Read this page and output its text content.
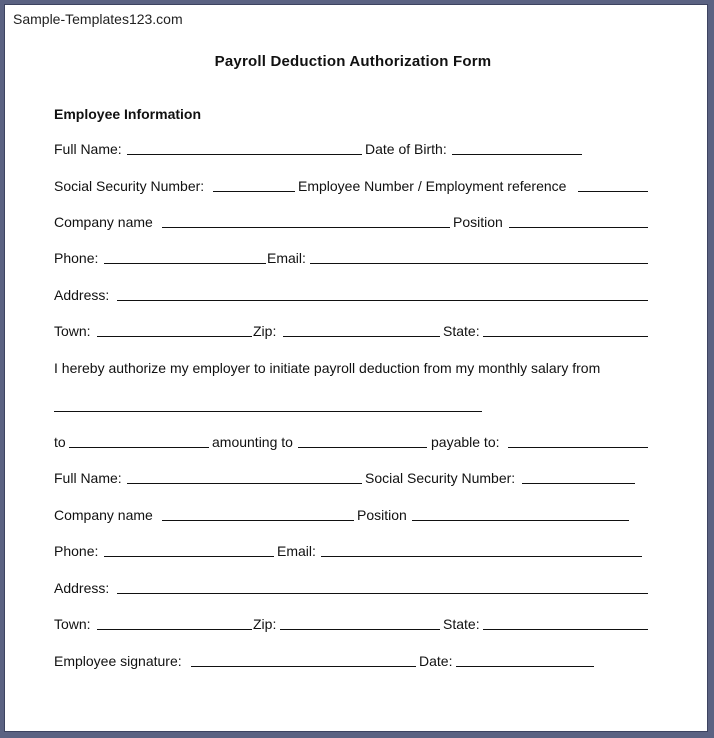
Sample-Templates123.com
Payroll Deduction Authorization Form
Employee Information
Full Name:	Date of Birth:
Social Security Number:	Employee Number / Employment reference
Company name	Position
Phone:	Email:
Address:
Town:	Zip:	State:
I hereby authorize my employer to initiate payroll deduction from my monthly salary from
to	amounting to	payable to:
Full Name:	Social Security Number:
Company name	Position
Phone:	Email:
Address:
Town:	Zip:	State:
Employee signature:	Date:
